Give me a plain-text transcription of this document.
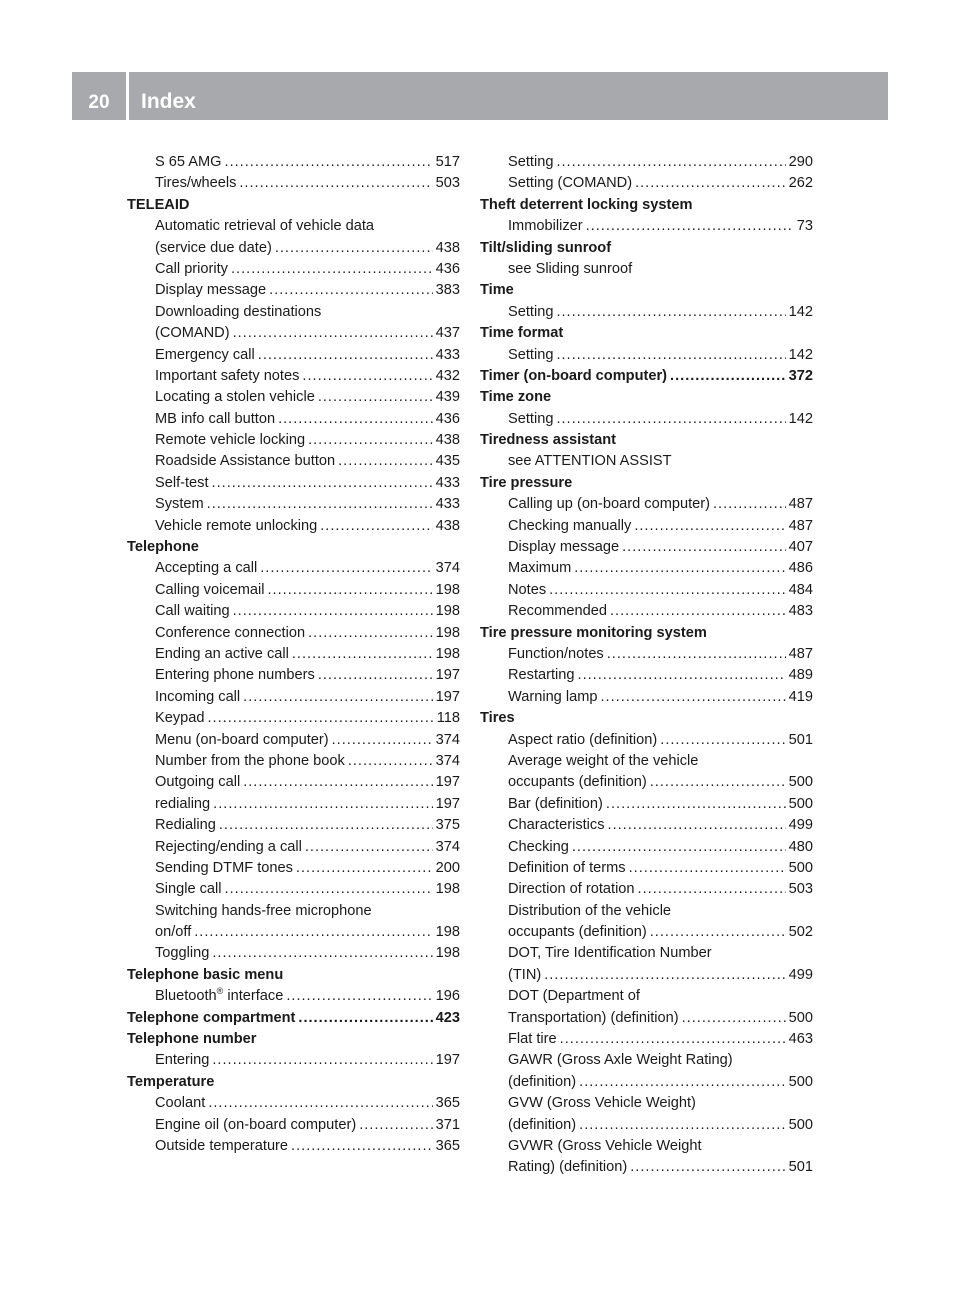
20	Index
S 65 AMG .....	517
Tires/wheels .....	503
TELEAID
Automatic retrieval of vehicle data
(service due date) .....	438
Call priority .....	436
Display message .....	383
Downloading destinations
(COMAND) .....	437
Emergency call .....	433
Important safety notes .....	432
Locating a stolen vehicle .....	439
MB info call button .....	436
Remote vehicle locking .....	438
Roadside Assistance button .....	435
Self-test .....	433
System .....	433
Vehicle remote unlocking .....	438
Telephone
Accepting a call .....	374
Calling voicemail .....	198
Call waiting .....	198
Conference connection .....	198
Ending an active call .....	198
Entering phone numbers .....	197
Incoming call .....	197
Keypad .....	118
Menu (on-board computer) .....	374
Number from the phone book .....	374
Outgoing call .....	197
redialing .....	197
Redialing .....	375
Rejecting/ending a call .....	374
Sending DTMF tones .....	200
Single call .....	198
Switching hands-free microphone
on/off .....	198
Toggling .....	198
Telephone basic menu
Bluetooth® interface .....	196
Telephone compartment .....	423
Telephone number
Entering .....	197
Temperature
Coolant .....	365
Engine oil (on-board computer) .....	371
Outside temperature .....	365
Setting .....	290
Setting (COMAND) .....	262
Theft deterrent locking system
Immobilizer .....	73
Tilt/sliding sunroof
see Sliding sunroof
Time
Setting .....	142
Time format
Setting .....	142
Timer (on-board computer) .....	372
Time zone
Setting .....	142
Tiredness assistant
see ATTENTION ASSIST
Tire pressure
Calling up (on-board computer) .....	487
Checking manually .....	487
Display message .....	407
Maximum .....	486
Notes .....	484
Recommended .....	483
Tire pressure monitoring system
Function/notes .....	487
Restarting .....	489
Warning lamp .....	419
Tires
Aspect ratio (definition) .....	501
Average weight of the vehicle
occupants (definition) .....	500
Bar (definition) .....	500
Characteristics .....	499
Checking .....	480
Definition of terms .....	500
Direction of rotation .....	503
Distribution of the vehicle
occupants (definition) .....	502
DOT, Tire Identification Number
(TIN) .....	499
DOT (Department of
Transportation) (definition) .....	500
Flat tire .....	463
GAWR (Gross Axle Weight Rating)
(definition) .....	500
GVW (Gross Vehicle Weight)
(definition) .....	500
GVWR (Gross Vehicle Weight
Rating) (definition) .....	501
